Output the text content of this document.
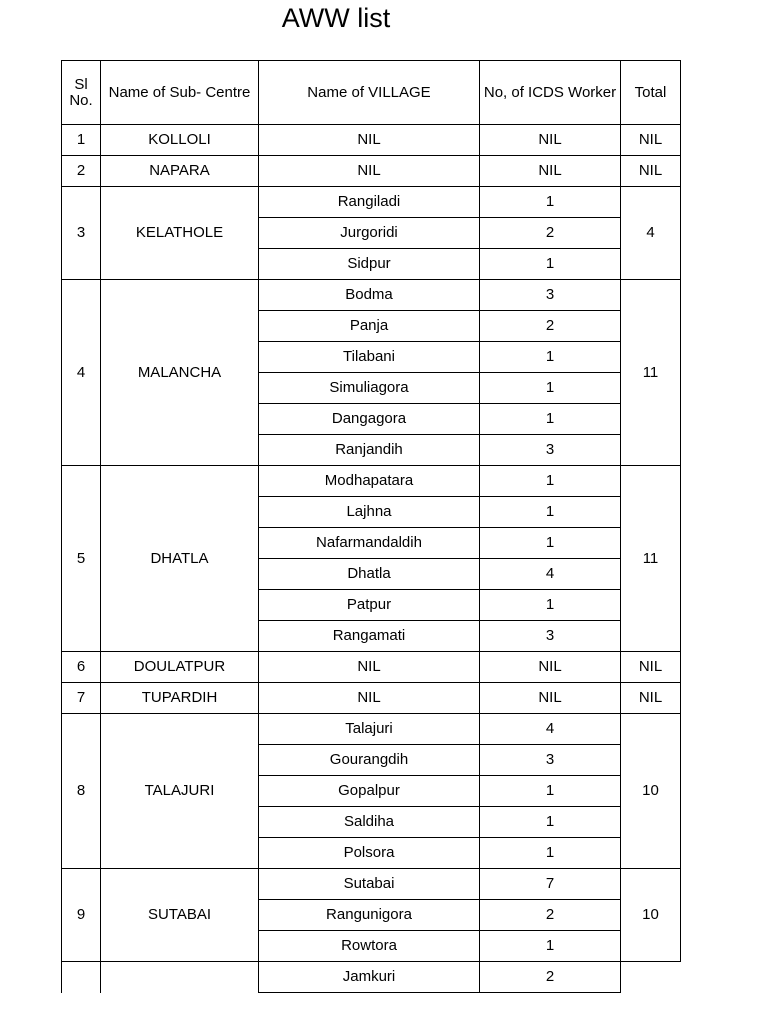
AWW list
Sl No.	Name of Sub- Centre	Name of VILLAGE	No, of ICDS Worker	Total
1	KOLLOLI	NIL	NIL	NIL
2	NAPARA	NIL	NIL	NIL
3	KELATHOLE	Rangiladi	1	4
		Jurgoridi	2	
		Sidpur	1	
4	MALANCHA	Bodma	3	11
		Panja	2	
		Tilabani	1	
		Simuliagora	1	
		Dangagora	1	
		Ranjandih	3	
5	DHATLA	Modhapatara	1	11
		Lajhna	1	
		Nafarmandaldih	1	
		Dhatla	4	
		Patpur	1	
		Rangamati	3	
6	DOULATPUR	NIL	NIL	NIL
7	TUPARDIH	NIL	NIL	NIL
8	TALAJURI	Talajuri	4	10
		Gourangdih	3	
		Gopalpur	1	
		Saldiha	1	
		Polsora	1	
9	SUTABAI	Sutabai	7	10
		Rangunigora	2	
		Rowtora	1	
		Jamkuri	2	
